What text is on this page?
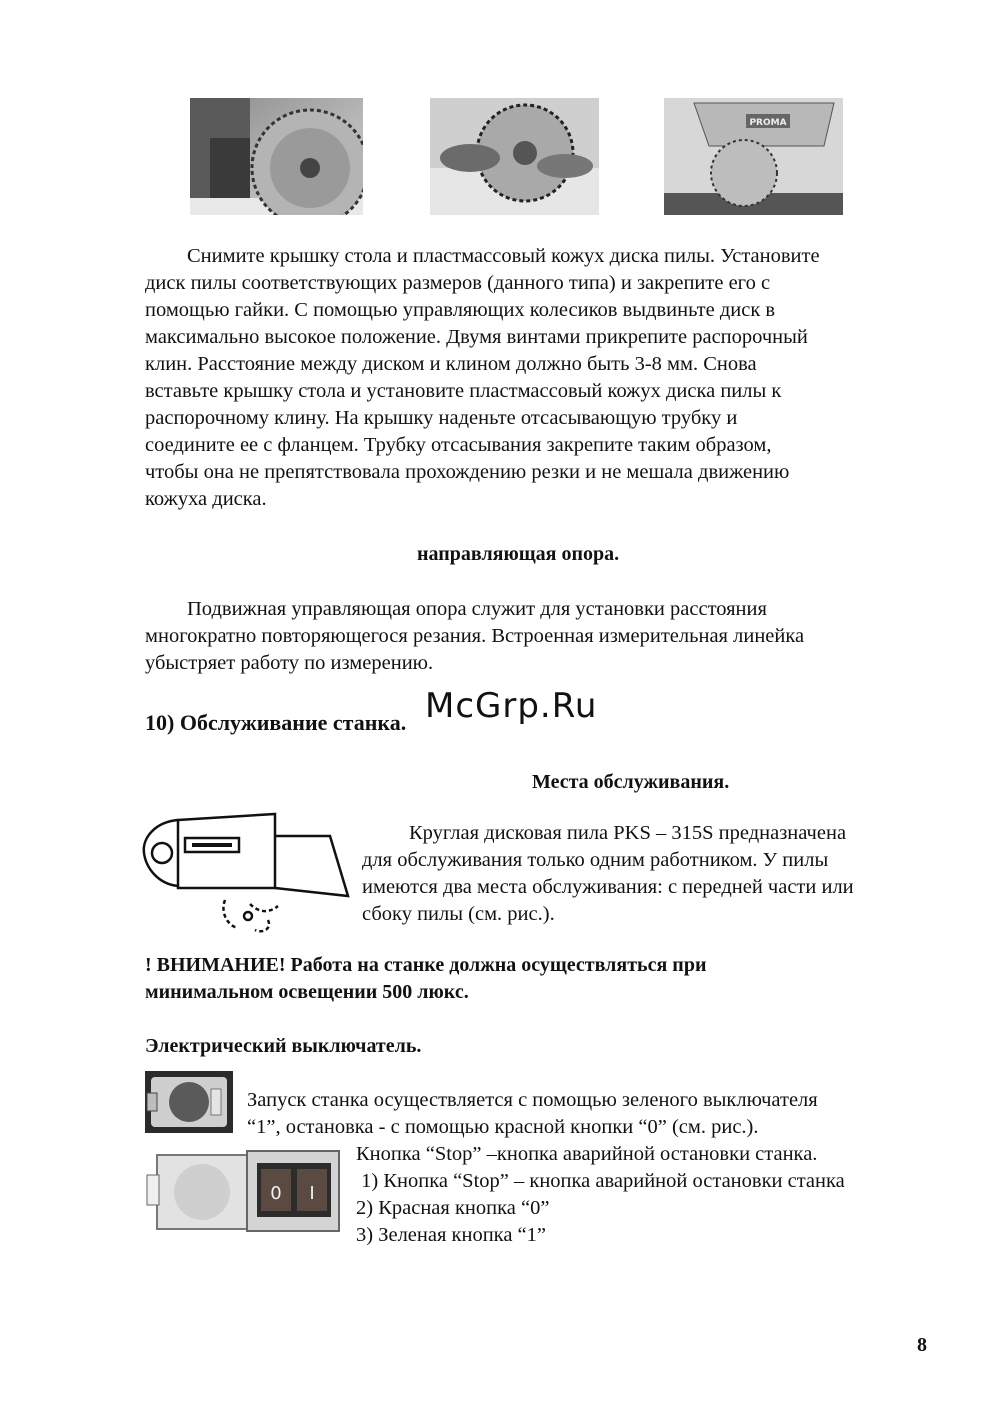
PROMA

Снимите крышку стола и пластмассовый кожух диска пилы. Установите
диск пилы соответствующих размеров (данного типа) и закрепите его с
помощью гайки. С помощью управляющих колесиков выдвиньте диск в
максимально высокое положение. Двумя винтами прикрепите распорочный
клин. Расстояние между диском и клином должно быть 3-8 мм. Снова
вставьте крышку стола и установите пластмассовый кожух диска пилы к
распорочному клину. На крышку наденьте отсасывающую трубку и
соедините ее с фланцем. Трубку отсасывания закрепите таким образом,
чтобы она не препятствовала прохождению резки и не мешала движению
кожуха диска.

направляющая опора.

Подвижная управляющая опора служит для установки расстояния
многократно повторяющегося резания. Встроенная измерительная линейка
убыстряет работу по измерению.

10) Обслуживание станка. McGrp.Ru
Места обслуживания.

Круглая дисковая пила PKS – 315S предназначена
для обслуживания только одним работником. У пилы
имеются два места обслуживания: с передней части или
сбоку пилы (см. рис.).

! ВНИМАНИЕ! Работа на станке должна осуществляться при
минимальном освещении 500 люкс.

Электрический выключатель.

Запуск станка осуществляется с помощью зеленого выключателя
“1”, остановка - с помощью красной кнопки “0” (см. рис.).

0 I

Кнопка “Stop” –кнопка аварийной остановки станка.
1) Кнопка “Stop” – кнопка аварийной остановки станка
2) Красная кнопка “0”
3) Зеленая кнопка “1”

8
